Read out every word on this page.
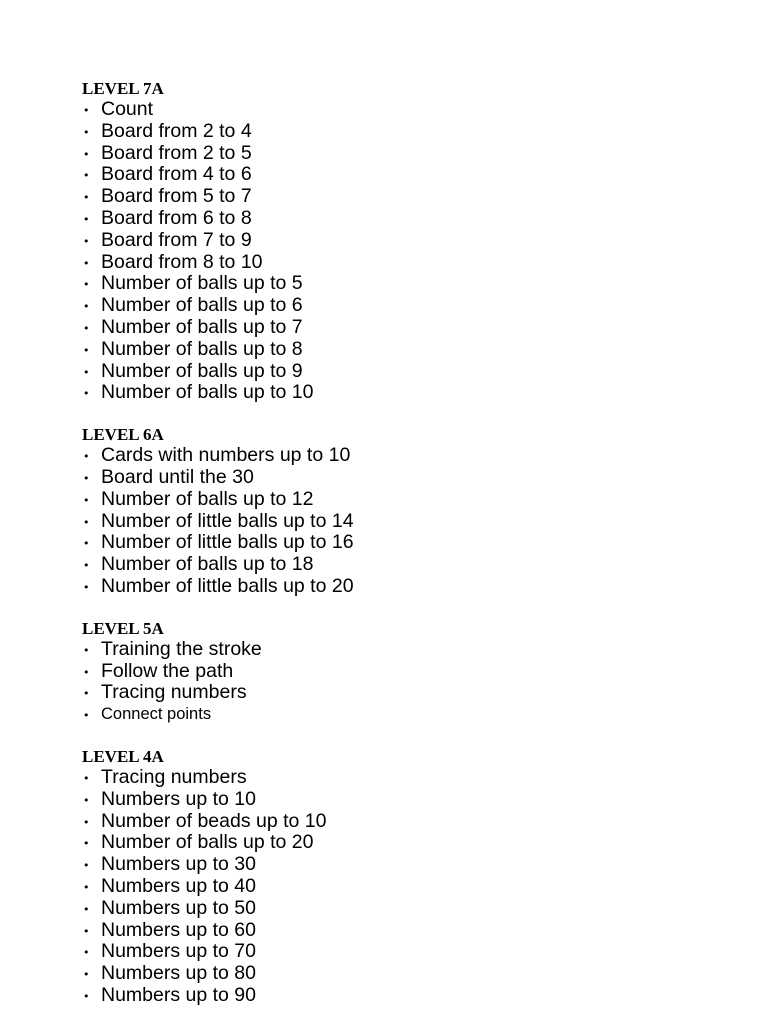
LEVEL 7A
• Count
• Board from 2 to 4
• Board from 2 to 5
• Board from 4 to 6
• Board from 5 to 7
• Board from 6 to 8
• Board from 7 to 9
• Board from 8 to 10
• Number of balls up to 5
• Number of balls up to 6
• Number of balls up to 7
• Number of balls up to 8
• Number of balls up to 9
• Number of balls up to 10
LEVEL 6A
• Cards with numbers up to 10
• Board until the 30
• Number of balls up to 12
• Number of little balls up to 14
• Number of little balls up to 16
• Number of balls up to 18
• Number of little balls up to 20
LEVEL 5A
• Training the stroke
• Follow the path
• Tracing numbers
• Connect points
LEVEL 4A
• Tracing numbers
• Numbers up to 10
• Number of beads up to 10
• Number of balls up to 20
• Numbers up to 30
• Numbers up to 40
• Numbers up to 50
• Numbers up to 60
• Numbers up to 70
• Numbers up to 80
• Numbers up to 90
